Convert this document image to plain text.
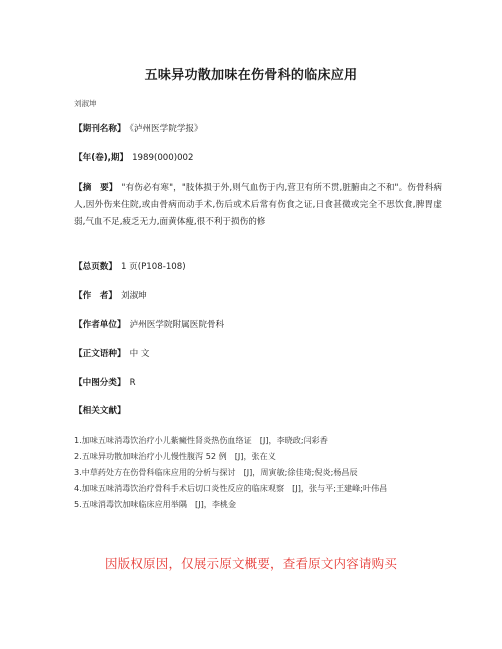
五味异功散加味在伤骨科的临床应用
刘淑坤
【期刊名称】 《泸州医学院学报》
【年(卷),期】 1989(000)002
【摘　要】 "有伤必有寒"，"肢体损于外,则气血伤于内,营卫有所不贯,脏腑由之不和"。伤骨科病人,因外伤来住院,或由骨病而动手术,伤后或术后常有伤食之证,日食甚微或完全不思饮食,脾胃虚弱,气血不足,疲乏无力,面黄体瘦,很不利于损伤的修
【总页数】 1 页(P108-108)
【作　者】 刘淑坤
【作者单位】 泸州医学院附属医院骨科
【正文语种】 中 文
【中图分类】 R
【相关文献】
1.加味五味消毒饮治疗小儿紫癜性肾炎热伤血络证　[J]，李晓政;闫彩香
2.五味异功散加味治疗小儿慢性腹泻 52 例　[J]，张在义
3.中草药处方在伤骨科临床应用的分析与探讨　[J]，周寅敏;徐佳琦;倪炎;杨昌辰
4.加味五味消毒饮治疗骨科手术后切口炎性反应的临床观察　[J]，张与平;王建峰;叶伟昌
5.五味消毒饮加味临床应用举隅　[J]，李桃金
因版权原因，仅展示原文概要，查看原文内容请购买
